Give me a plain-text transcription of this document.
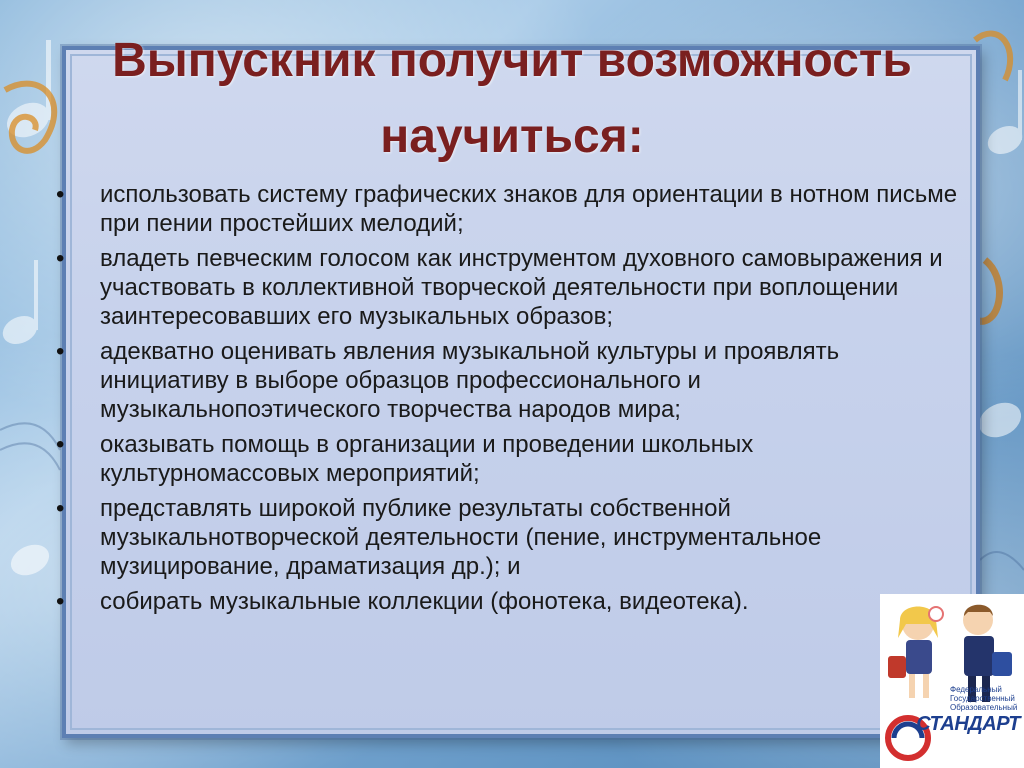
Выпускник получит возможность
научиться:
• использовать систему графических знаков для ориентации в нотном письме при пении простейших мелодий;
• владеть певческим голосом как инструментом духовного самовыражения и участвовать в коллективной творческой деятельности при воплощении заинтересовавших его музыкальных образов;
• адекватно оценивать явления музыкальной культуры и проявлять инициативу в выборе образцов профессионального и музыкальнопоэтического творчества народов мира;
• оказывать помощь в организации и проведении школьных культурномассовых мероприятий;
• представлять широкой публике результаты собственной музыкальнотворческой деятельности (пение, инструментальное музицирование, драматизация др.); и
• собирать музыкальные коллекции (фонотека, видеотека).
Федеральный Государственный Образовательный
СТАНДАРТ
